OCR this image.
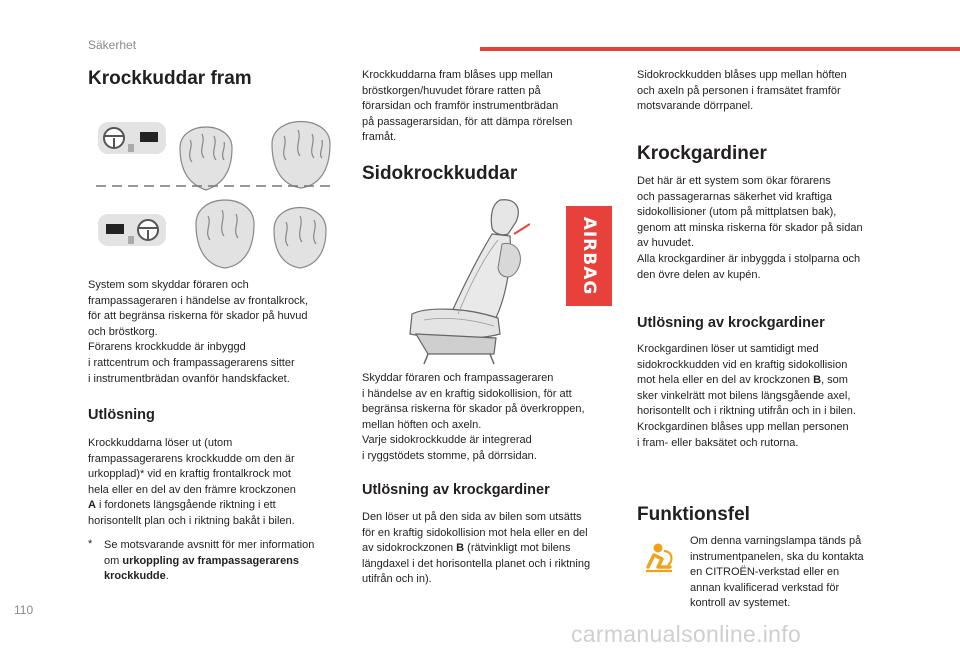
Säkerhet
110
carmanualsonline.info
Krockkuddar fram

System som skyddar föraren och

frampassageraren i händelse av frontalkrock,

för att begränsa riskerna för skador på huvud

och bröstkorg.

Förarens krockkudde är inbyggd

i rattcentrum och frampassagerarens sitter

i instrumentbrädan ovanför handskfacket.

Utlösning

Krockkuddarna löser ut (utom

frampassagerarens krockkudde om den är

urkopplad)* vid en kraftig frontalkrock mot

hela eller en del av den främre krockzonen

A i fordonets längsgående riktning i ett

horisontellt plan och i riktning bakåt i bilen.

* Se motsvarande avsnitt för mer information

om urkoppling av frampassagerarens

krockkudde.

Krockkuddarna fram blåses upp mellan

bröstkorgen/huvudet förare ratten på

förarsidan och framför instrumentbrädan

på passagerarsidan, för att dämpa rörelsen

framåt.

Sidokrockkuddar
AIRBAG

Skyddar föraren och frampassageraren

i händelse av en kraftig sidokollision, för att

begränsa riskerna för skador på överkroppen,

mellan höften och axeln.

Varje sidokrockkudde är integrerad

i ryggstödets stomme, på dörrsidan.

Utlösning av krockgardiner

Den löser ut på den sida av bilen som utsätts

för en kraftig sidokollision mot hela eller en del

av sidokrockzonen B (rätvinkligt mot bilens

längdaxel i det horisontella planet och i riktning

utifrån och in).

Sidokrockkudden blåses upp mellan höften

och axeln på personen i framsätet framför

motsvarande dörrpanel.

Krockgardiner

Det här är ett system som ökar förarens

och passagerarnas säkerhet vid kraftiga

sidokollisioner (utom på mittplatsen bak),

genom att minska riskerna för skador på sidan

av huvudet.

Alla krockgardiner är inbyggda i stolparna och

den övre delen av kupén.

Utlösning av krockgardiner

Krockgardinen löser ut samtidigt med

sidokrockkudden vid en kraftig sidokollision

mot hela eller en del av krockzonen B, som

sker vinkelrätt mot bilens längsgående axel,

horisontellt och i riktning utifrån och in i bilen.

Krockgardinen blåses upp mellan personen

i fram- eller baksätet och rutorna.

Funktionsfel

Om denna varningslampa tänds på

instrumentpanelen, ska du kontakta

en CITROËN-verkstad eller en

annan kvalificerad verkstad för

kontroll av systemet.
